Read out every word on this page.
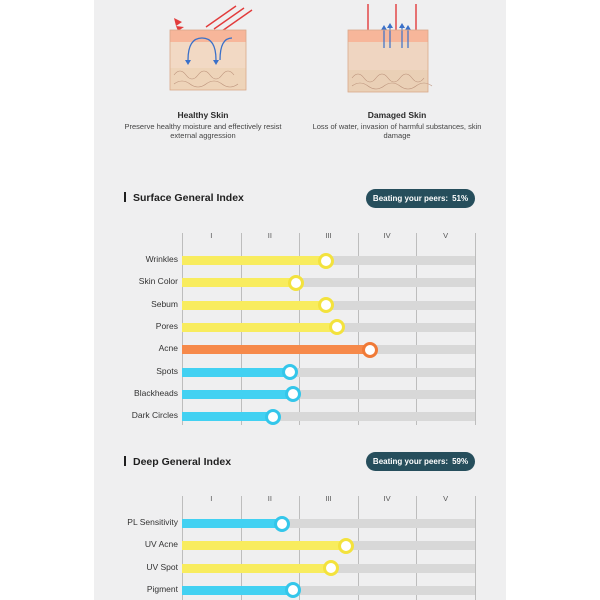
Healthy Skin
Preserve healthy moisture and effectively resist external aggression
Damaged Skin
Loss of water, invasion of harmful substances, skin damage
Surface General Index	Beating your peers: 51%
I	II	III	IV	V
Wrinkles
Skin Color
Sebum
Pores
Acne
Spots
Blackheads
Dark Circles
Deep General Index	Beating your peers: 59%
I	II	III	IV	V
PL Sensitivity
UV Acne
UV Spot
Pigment
